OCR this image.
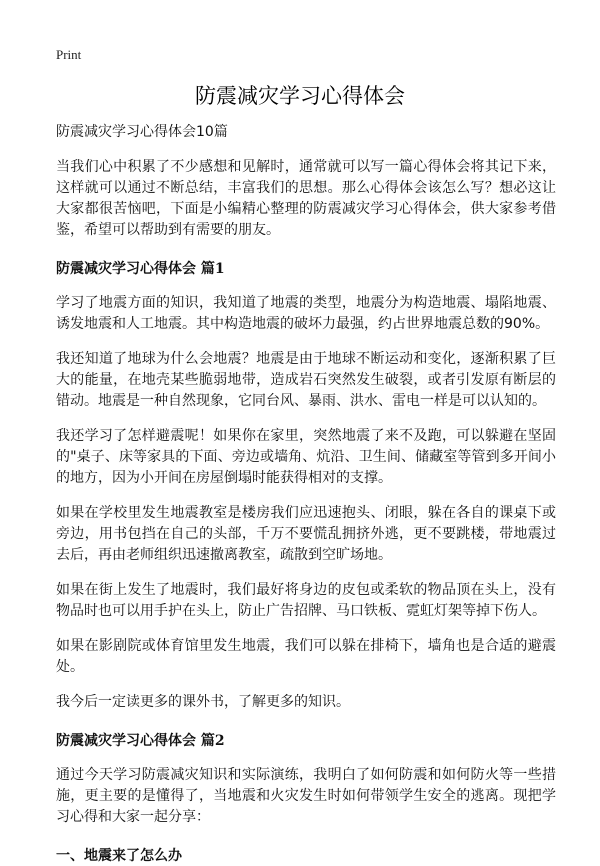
Print
防震减灾学习心得体会

防震减灾学习心得体会10篇

当我们心中积累了不少感想和见解时，通常就可以写一篇心得体会将其记下来，这样就可以通过不断总结，丰富我们的思想。那么心得体会该怎么写？想必这让大家都很苦恼吧，下面是小编精心整理的防震减灾学习心得体会，供大家参考借鉴，希望可以帮助到有需要的朋友。

防震减灾学习心得体会 篇1

学习了地震方面的知识，我知道了地震的类型，地震分为构造地震、塌陷地震、诱发地震和人工地震。其中构造地震的破坏力最强，约占世界地震总数的90%。

我还知道了地球为什么会地震？地震是由于地球不断运动和变化，逐渐积累了巨大的能量，在地壳某些脆弱地带，造成岩石突然发生破裂，或者引发原有断层的错动。地震是一种自然现象，它同台风、暴雨、洪水、雷电一样是可以认知的。

我还学习了怎样避震呢！如果你在家里，突然地震了来不及跑，可以躲避在坚固的"桌子、床等家具的下面、旁边或墙角、炕沿、卫生间、储藏室等管到多开间小的地方，因为小开间在房屋倒塌时能获得相对的支撑。

如果在学校里发生地震教室是楼房我们应迅速抱头、闭眼，躲在各自的课桌下或旁边，用书包挡在自己的头部，千万不要慌乱拥挤外逃，更不要跳楼，带地震过去后，再由老师组织迅速撤离教室，疏散到空旷场地。

如果在街上发生了地震时，我们最好将身边的皮包或柔软的物品顶在头上，没有物品时也可以用手护在头上，防止广告招牌、马口铁板、霓虹灯架等掉下伤人。

如果在影剧院或体育馆里发生地震，我们可以躲在排椅下，墙角也是合适的避震处。

我今后一定读更多的课外书，了解更多的知识。

防震减灾学习心得体会 篇2

通过今天学习防震减灾知识和实际演练，我明白了如何防震和如何防火等一些措施，更主要的是懂得了，当地震和火灾发生时如何带领学生安全的逃离。现把学习心得和大家一起分享：

一、地震来了怎么办
